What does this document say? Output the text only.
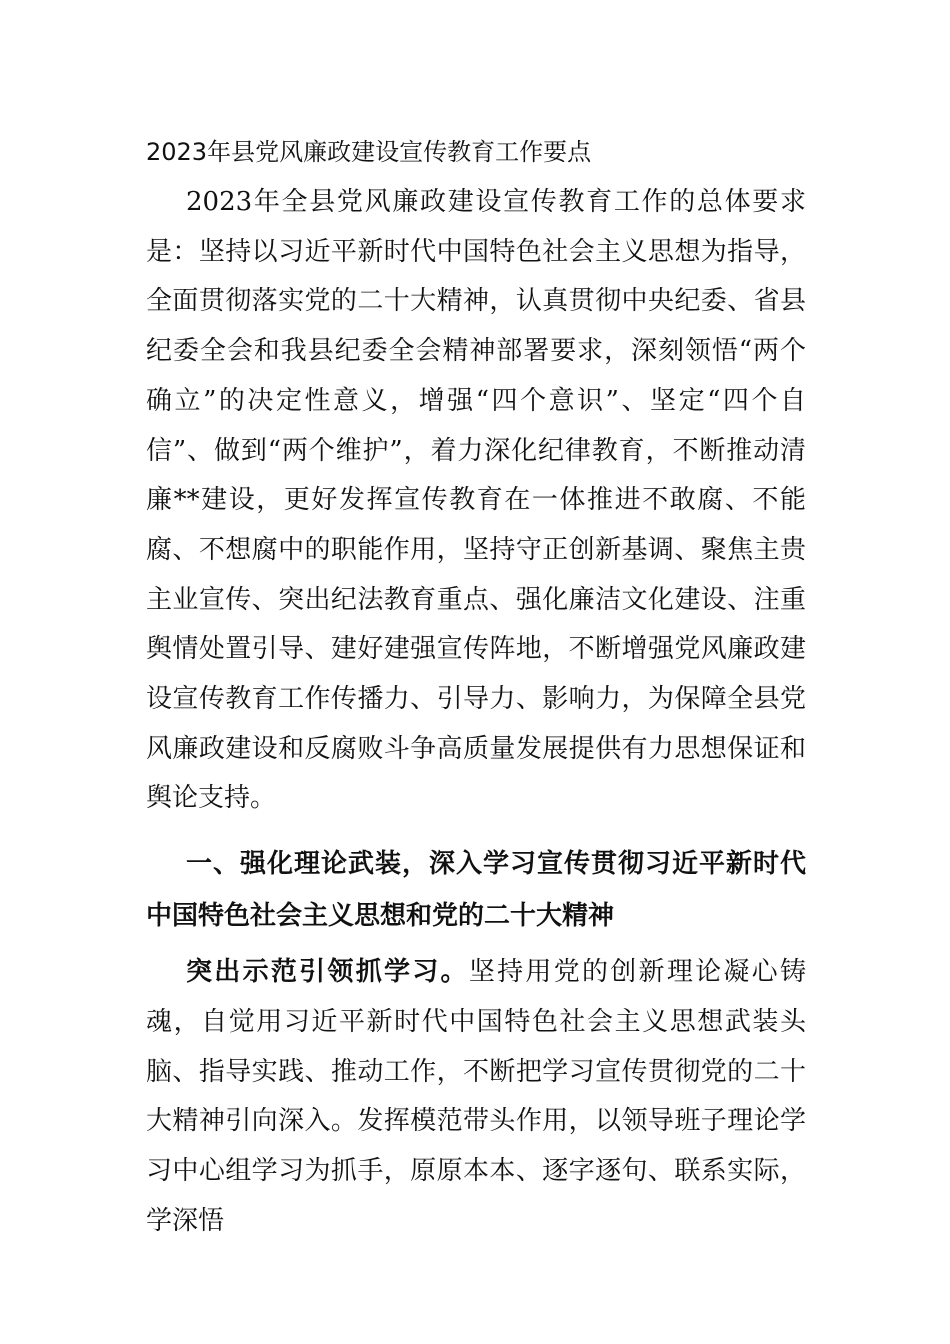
2023年县党风廉政建设宣传教育工作要点

2023年全县党风廉政建设宣传教育工作的总体要求是：坚持以习近平新时代中国特色社会主义思想为指导，全面贯彻落实党的二十大精神，认真贯彻中央纪委、省县纪委全会和我县纪委全会精神部署要求，深刻领悟“两个确立”的决定性意义，增强“四个意识”、坚定“四个自信”、做到“两个维护”，着力深化纪律教育，不断推动清廉**建设，更好发挥宣传教育在一体推进不敢腐、不能腐、不想腐中的职能作用，坚持守正创新基调、聚焦主贵主业宣传、突出纪法教育重点、强化廉洁文化建设、注重舆情处置引导、建好建强宣传阵地，不断增强党风廉政建设宣传教育工作传播力、引导力、影响力，为保障全县党风廉政建设和反腐败斗争高质量发展提供有力思想保证和舆论支持。

一、强化理论武装，深入学习宣传贯彻习近平新时代中国特色社会主义思想和党的二十大精神

突出示范引领抓学习。坚持用党的创新理论凝心铸魂，自觉用习近平新时代中国特色社会主义思想武装头脑、指导实践、推动工作，不断把学习宣传贯彻党的二十大精神引向深入。发挥模范带头作用，以领导班子理论学习中心组学习为抓手，原原本本、逐字逐句、联系实际，学深悟
